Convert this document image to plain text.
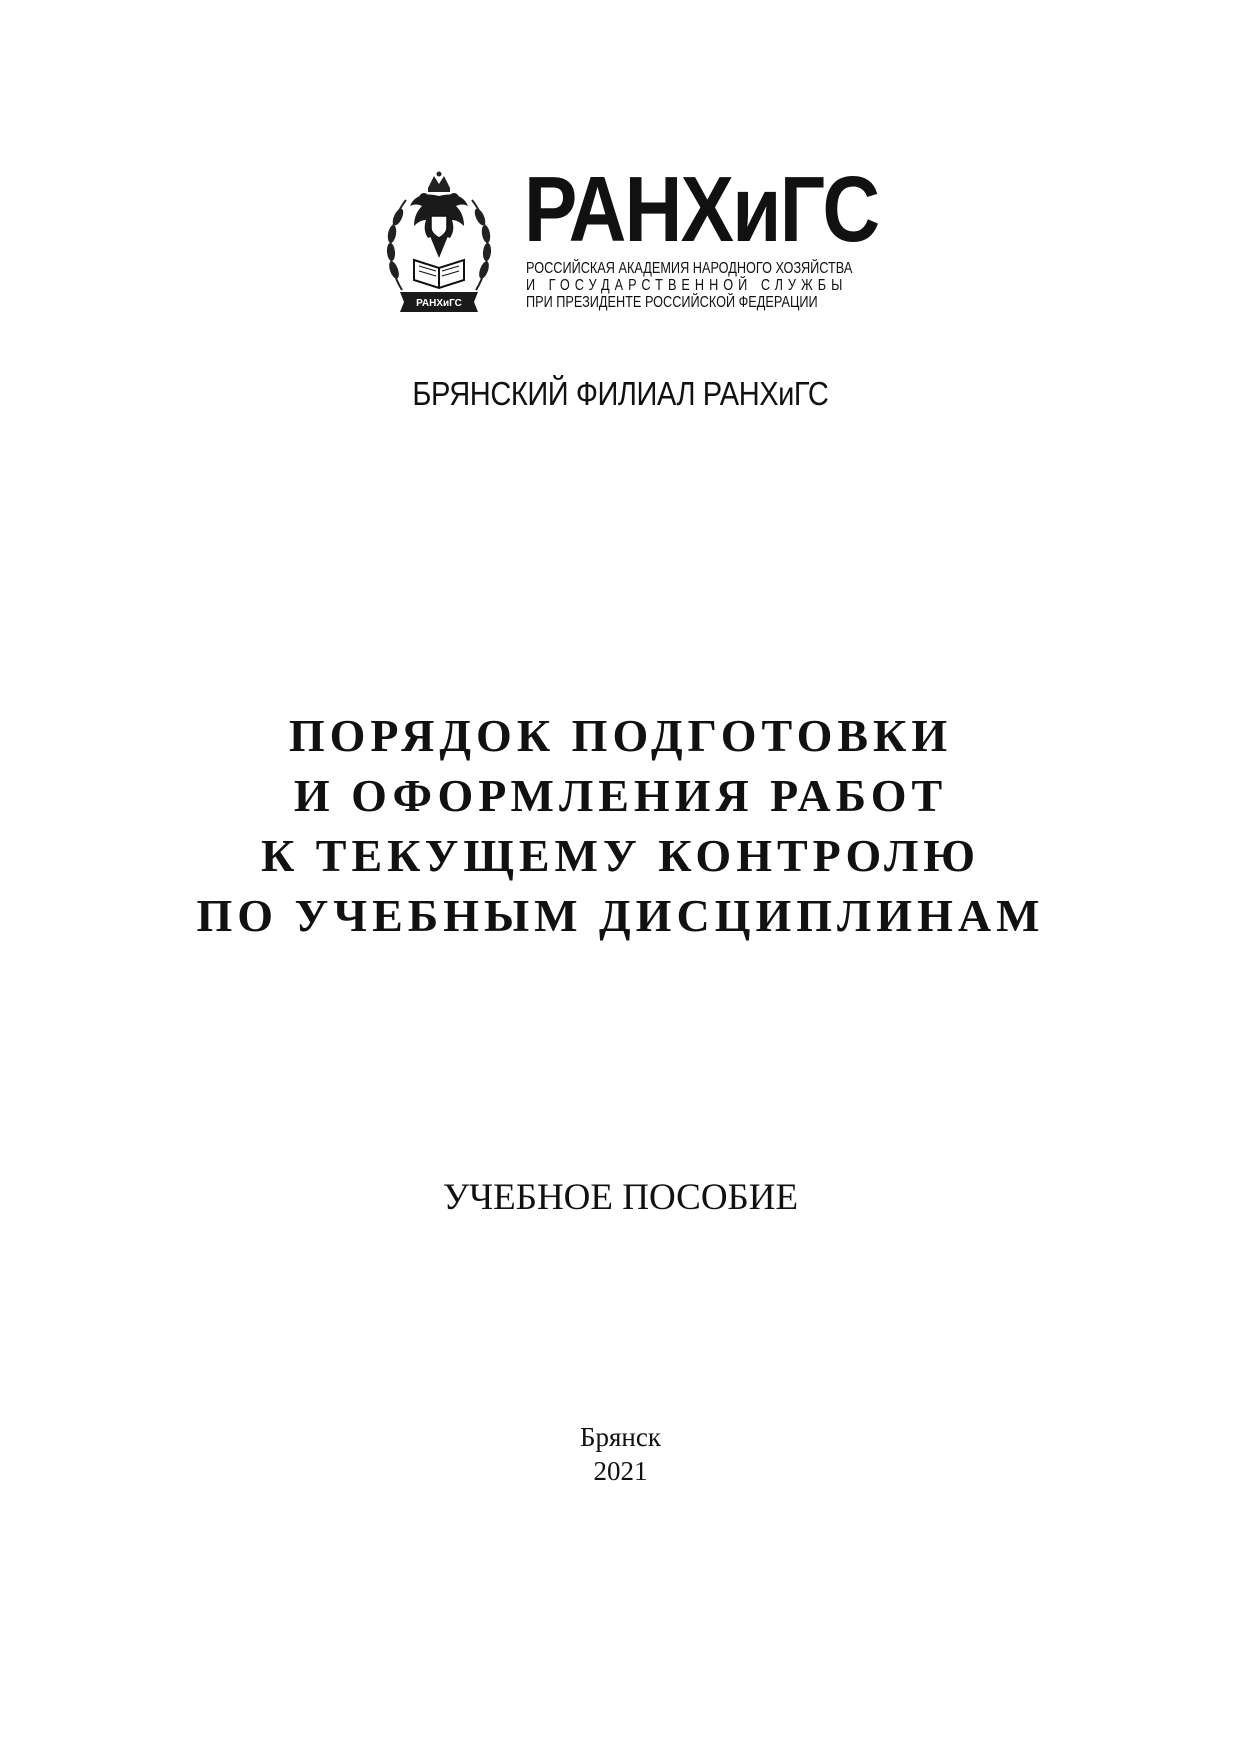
РАНХиГС
РАНХиГС
РОССИЙСКАЯ АКАДЕМИЯ НАРОДНОГО ХОЗЯЙСТВА
И ГОСУДАРСТВЕННОЙ СЛУЖБЫ
ПРИ ПРЕЗИДЕНТЕ РОССИЙСКОЙ ФЕДЕРАЦИИ
БРЯНСКИЙ ФИЛИАЛ РАНХиГС
ПОРЯДОК ПОДГОТОВКИ
И ОФОРМЛЕНИЯ РАБОТ
К ТЕКУЩЕМУ КОНТРОЛЮ
ПО УЧЕБНЫМ ДИСЦИПЛИНАМ
УЧЕБНОЕ ПОСОБИЕ
Брянск
2021
